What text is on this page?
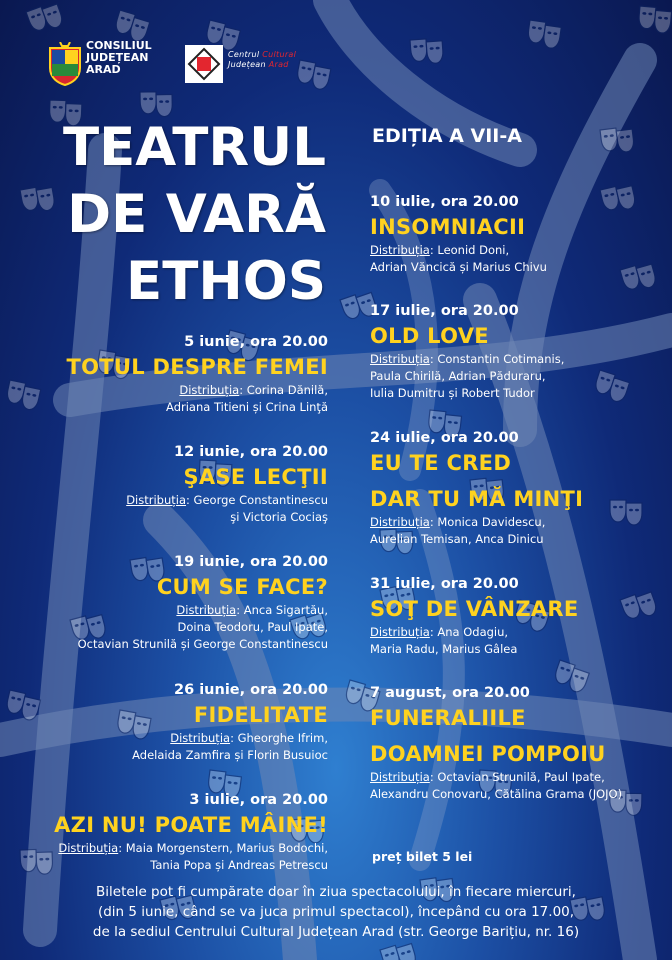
CONSILIUL
JUDEȚEAN
ARAD
Centrul Cultural
Județean Arad
TEATRUL
DE VARĂ
ETHOS
EDIȚIA A VII-A
5 iunie, ora 20.00
TOTUL DESPRE FEMEI
Distribuția: Corina Dănilă,
Adriana Titieni și Crina Linţă
12 iunie, ora 20.00
ŞASE LECŢII
Distribuția: George Constantinescu
şi Victoria Cociaş
19 iunie, ora 20.00
CUM SE FACE?
Distribuția: Anca Sigartău,
Doina Teodoru, Paul Ipate,
Octavian Strunilă și George Constantinescu
26 iunie, ora 20.00
FIDELITATE
Distribuția: Gheorghe Ifrim,
Adelaida Zamfira și Florin Busuioc
3 iulie, ora 20.00
AZI NU! POATE MÂINE!
Distribuția: Maia Morgenstern, Marius Bodochi,
Tania Popa și Andreas Petrescu
10 iulie, ora 20.00
INSOMNIACII
Distribuția: Leonid Doni,
Adrian Văncică și Marius Chivu
17 iulie, ora 20.00
OLD LOVE
Distribuția: Constantin Cotimanis,
Paula Chirilă, Adrian Păduraru,
Iulia Dumitru și Robert Tudor
24 iulie, ora 20.00
EU TE CRED
DAR TU MĂ MINŢI
Distribuția: Monica Davidescu,
Aurelian Temisan, Anca Dinicu
31 iulie, ora 20.00
SOŢ DE VÂNZARE
Distribuția: Ana Odagiu,
Maria Radu, Marius Gâlea
7 august, ora 20.00
FUNERALIILE
DOAMNEI POMPOIU
Distribuția: Octavian Strunilă, Paul Ipate,
Alexandru Conovaru, Cătălina Grama (JOJO)
preț bilet 5 lei
Biletele pot fi cumpărate doar în ziua spectacolului, în fiecare miercuri,
(din 5 iunie, când se va juca primul spectacol), începând cu ora 17.00,
de la sediul Centrului Cultural Județean Arad (str. George Barițiu, nr. 16)
